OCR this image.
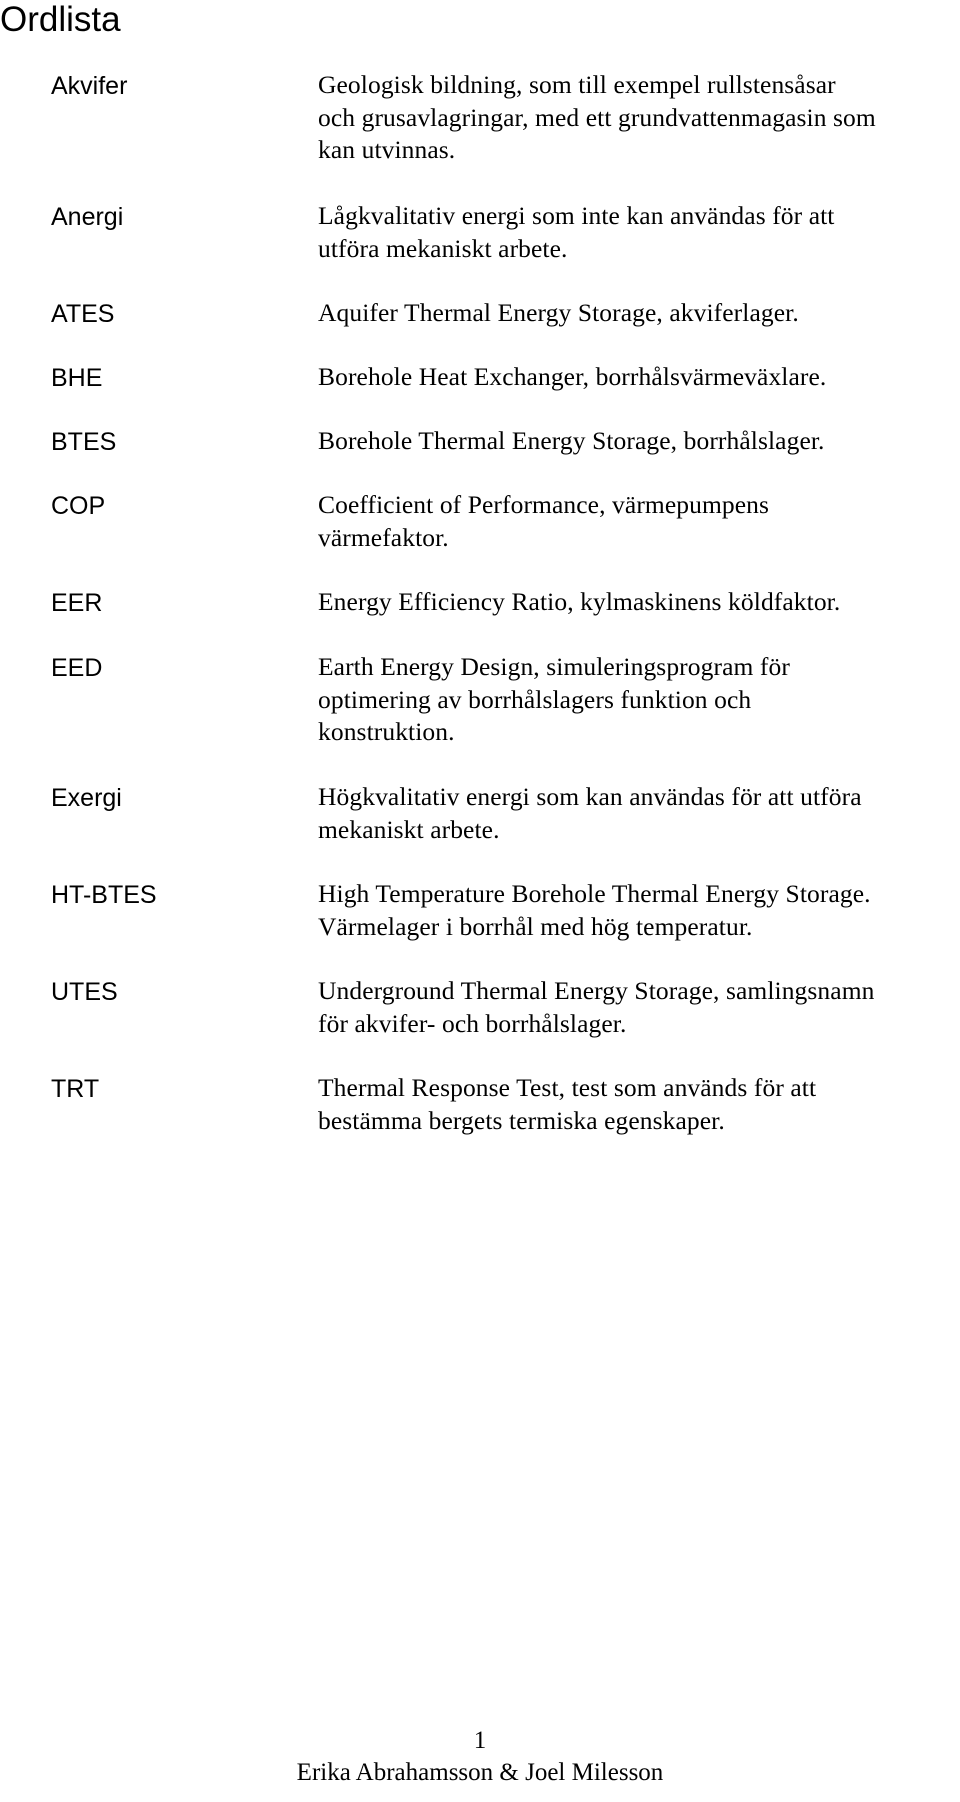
Ordlista
Akvifer	Geologisk bildning, som till exempel rullstensåsar
och grusavlagringar, med ett grundvattenmagasin som
kan utvinnas.
Anergi	Lågkvalitativ energi som inte kan användas för att
utföra mekaniskt arbete.
ATES	Aquifer Thermal Energy Storage, akviferlager.
BHE	Borehole Heat Exchanger, borrhålsvärmeväxlare.
BTES	Borehole Thermal Energy Storage, borrhålslager.
COP	Coefficient of Performance, värmepumpens
värmefaktor.
EER	Energy Efficiency Ratio, kylmaskinens köldfaktor.
EED	Earth Energy Design, simuleringsprogram för
optimering av borrhålslagers funktion och
konstruktion.
Exergi	Högkvalitativ energi som kan användas för att utföra
mekaniskt arbete.
HT-BTES	High Temperature Borehole Thermal Energy Storage.
Värmelager i borrhål med hög temperatur.
UTES	Underground Thermal Energy Storage, samlingsnamn
för akvifer- och borrhålslager.
TRT	Thermal Response Test, test som används för att
bestämma bergets termiska egenskaper.
1
Erika Abrahamsson & Joel Milesson
